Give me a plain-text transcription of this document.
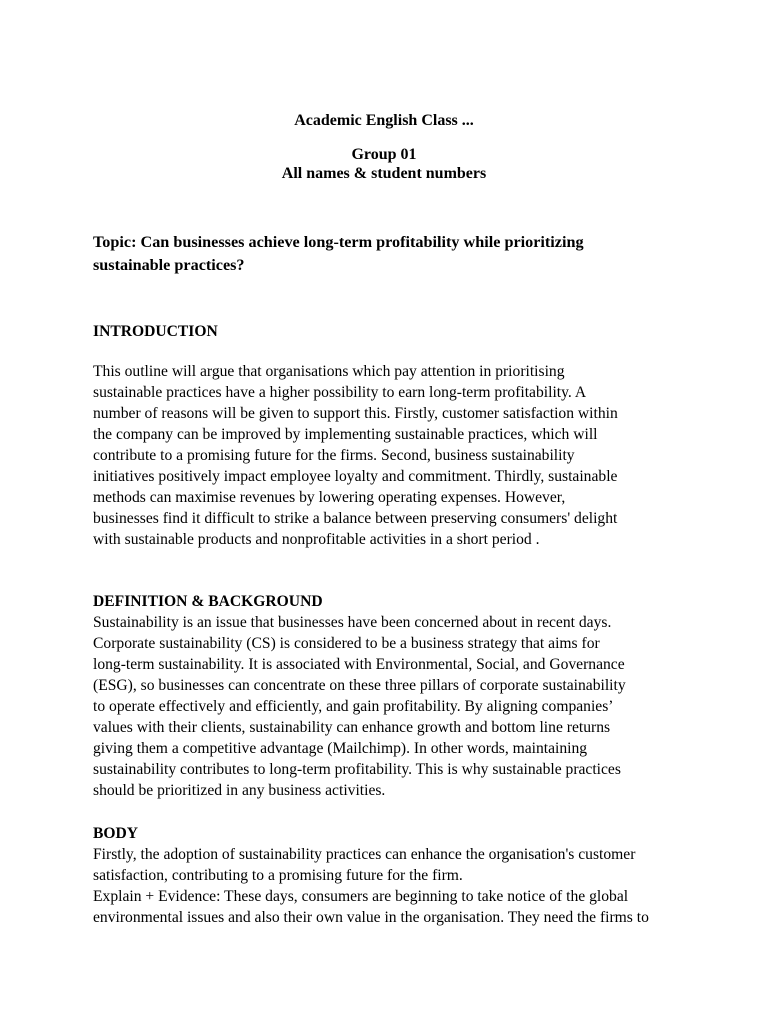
Academic English Class ...
Group 01
All names & student numbers
Topic: Can businesses achieve long-term profitability while prioritizing
sustainable practices?
INTRODUCTION
This outline will argue that organisations which pay attention in prioritising
sustainable practices have a higher possibility to earn long-term profitability. A
number of reasons will be given to support this. Firstly, customer satisfaction within
the company can be improved by implementing sustainable practices, which will
contribute to a promising future for the firms. Second, business sustainability
initiatives positively impact employee loyalty and commitment. Thirdly, sustainable
methods can maximise revenues by lowering operating expenses. However,
businesses find it difficult to strike a balance between preserving consumers' delight
with sustainable products and nonprofitable activities in a short period .
DEFINITION & BACKGROUND
Sustainability is an issue that businesses have been concerned about in recent days.
Corporate sustainability (CS) is considered to be a business strategy that aims for
long-term sustainability. It is associated with Environmental, Social, and Governance
(ESG), so businesses can concentrate on these three pillars of corporate sustainability
to operate effectively and efficiently, and gain profitability. By aligning companies’
values with their clients, sustainability can enhance growth and bottom line returns
giving them a competitive advantage (Mailchimp). In other words, maintaining
sustainability contributes to long-term profitability. This is why sustainable practices
should be prioritized in any business activities.
BODY
Firstly, the adoption of sustainability practices can enhance the organisation's customer
satisfaction, contributing to a promising future for the firm.
Explain + Evidence: These days, consumers are beginning to take notice of the global
environmental issues and also their own value in the organisation. They need the firms to
